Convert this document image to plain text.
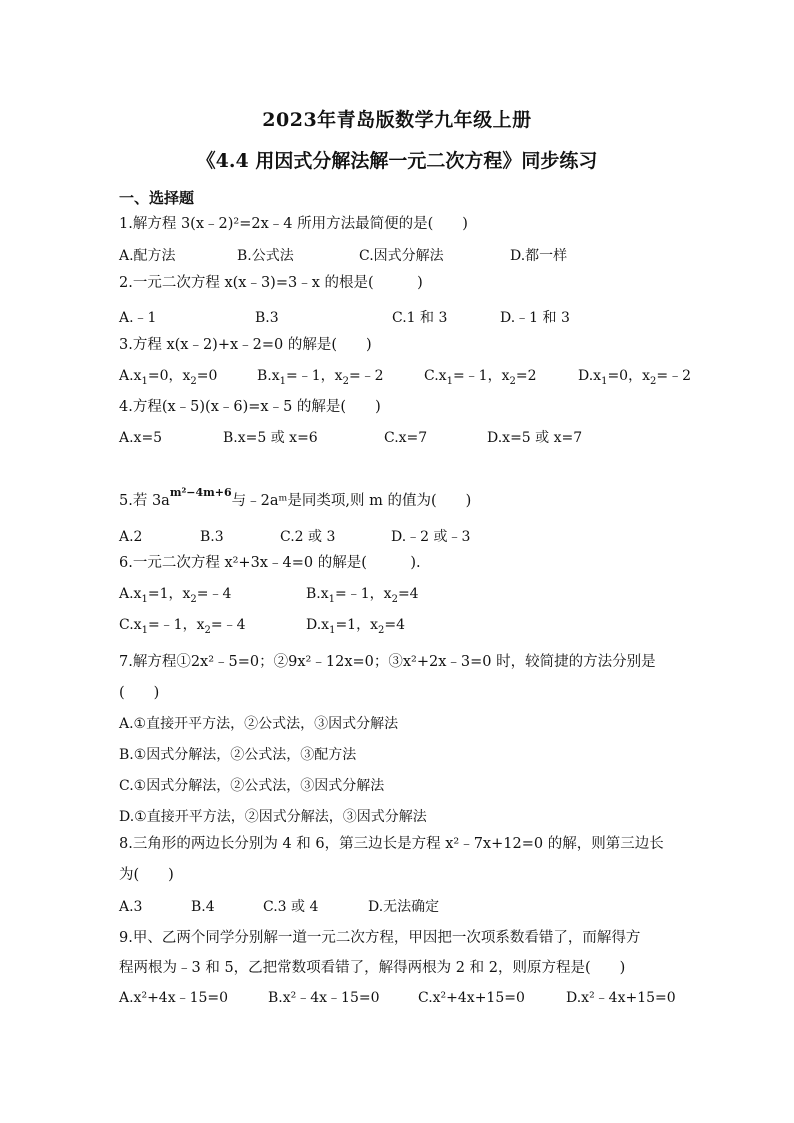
2023年青岛版数学九年级上册
《4.4 用因式分解法解一元二次方程》同步练习
一、选择题
1.解方程 3(x﹣2)²=2x﹣4 所用方法最简便的是(　　)
A.配方法	B.公式法	C.因式分解法	D.都一样
2.一元二次方程 x(x﹣3)=3﹣x 的根是(　　　)
A.﹣1	B.3	C.1 和 3	D.﹣1 和 3
3.方程 x(x﹣2)+x﹣2=0 的解是(　　)
$A.x_1=0$，$x_2=0$	$B.x_1=﹣1$，$x_2=﹣2$	$C.x_1=﹣1$，$x_2=2$	$D.x_1=0$，$x_2=﹣2$
4.方程(x﹣5)(x﹣6)=x﹣5 的解是(　　)
A.x=5	B.x=5 或 x=6	C.x=7	D.x=5 或 x=7
5.若 $3a^{m^2-4m+6}$与﹣2aᵐ是同类项,则 m 的值为(　　)
A.2	B.3	C.2 或 3	D.﹣2 或﹣3
6.一元二次方程 x²+3x﹣4=0 的解是(　　　).
$A.x_1=1$，$x_2=﹣4$	$B.x_1=﹣1$，$x_2=4$
$C.x_1=﹣1$，$x_2=﹣4$	$D.x_1=1$，$x_2=4$
7.解方程①2x²﹣5=0；②9x²﹣12x=0；③x²+2x﹣3=0 时，较简捷的方法分别是
(　　)
A.①直接开平方法，②公式法，③因式分解法
B.①因式分解法，②公式法，③配方法
C.①因式分解法，②公式法，③因式分解法
D.①直接开平方法，②因式分解法，③因式分解法
8.三角形的两边长分别为 4 和 6，第三边长是方程 x²﹣7x+12=0 的解，则第三边长
为(　　)
A.3	B.4	C.3 或 4	D.无法确定
9.甲、乙两个同学分别解一道一元二次方程，甲因把一次项系数看错了，而解得方
程两根为﹣3 和 5，乙把常数项看错了，解得两根为 2 和 2，则原方程是(　　)
A.x²+4x﹣15=0	B.x²﹣4x﹣15=0	C.x²+4x+15=0	D.x²﹣4x+15=0
